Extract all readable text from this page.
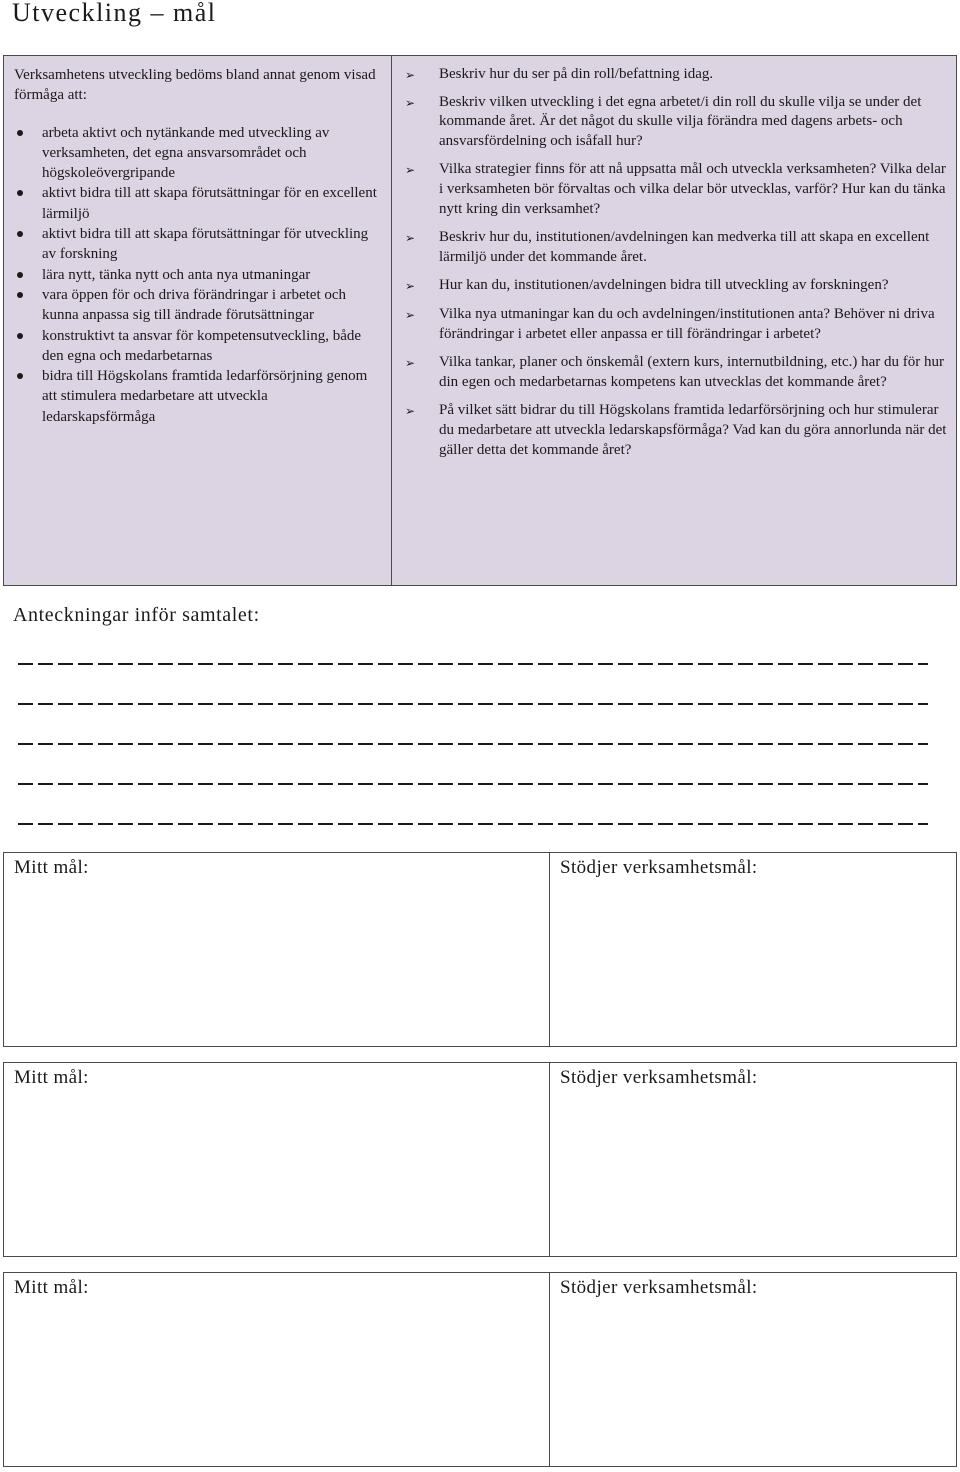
Utveckling – mål

Verksamhetens utveckling bedöms bland annat genom visad förmåga att:

arbeta aktivt och nytänkande med utveckling av verksamheten, det egna ansvarsområdet och högskoleövergripande
aktivt bidra till att skapa förutsättningar för en excellent lärmiljö
aktivt bidra till att skapa förutsättningar för utveckling av forskning
lära nytt, tänka nytt och anta nya utmaningar
vara öppen för och driva förändringar i arbetet och kunna anpassa sig till ändrade förutsättningar
konstruktivt ta ansvar för kompetensutveckling, både den egna och medarbetarnas
bidra till Högskolans framtida ledarförsörjning genom att stimulera medarbetare att utveckla ledarskapsförmåga
➢ Beskriv hur du ser på din roll/befattning idag.
➢ Beskriv vilken utveckling i det egna arbetet/i din roll du skulle vilja se under det kommande året. Är det något du skulle vilja förändra med dagens arbets- och ansvarsfördelning och isåfall hur?
➢ Vilka strategier finns för att nå uppsatta mål och utveckla verksamheten? Vilka delar i verksamheten bör förvaltas och vilka delar bör utvecklas, varför? Hur kan du tänka nytt kring din verksamhet?
➢ Beskriv hur du, institutionen/avdelningen kan medverka till att skapa en excellent lärmiljö under det kommande året.
➢ Hur kan du, institutionen/avdelningen bidra till utveckling av forskningen?
➢ Vilka nya utmaningar kan du och avdelningen/institutionen anta? Behöver ni driva förändringar i arbetet eller anpassa er till förändringar i arbetet?
➢ Vilka tankar, planer och önskemål (extern kurs, internutbildning, etc.) har du för hur din egen och medarbetarnas kompetens kan utvecklas det kommande året?
➢ På vilket sätt bidrar du till Högskolans framtida ledarförsörjning och hur stimulerar du medarbetare att utveckla ledarskapsförmåga? Vad kan du göra annorlunda när det gäller detta det kommande året?
Anteckningar inför samtalet:
Mitt mål:	Stödjer verksamhetsmål:
Mitt mål:	Stödjer verksamhetsmål:
Mitt mål:	Stödjer verksamhetsmål:
